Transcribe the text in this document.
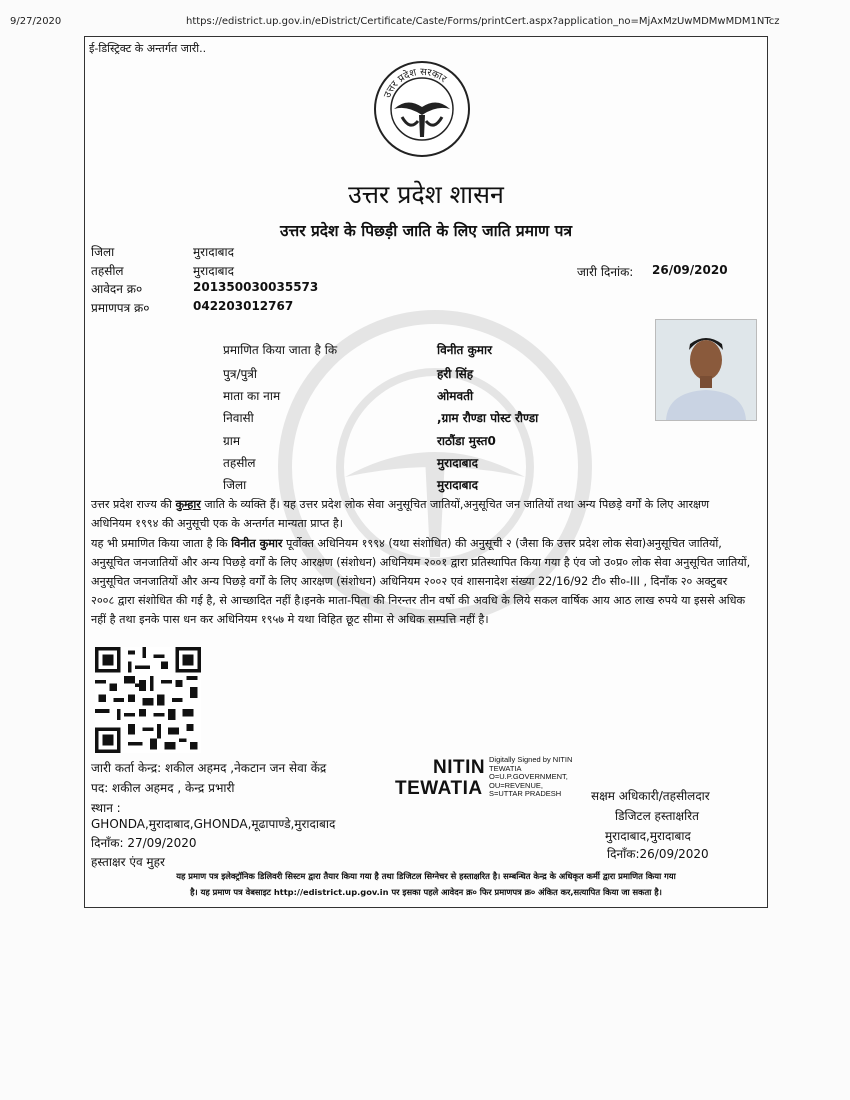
9/27/2020	https://edistrict.up.gov.in/eDistrict/Certificate/Caste/Forms/printCert.aspx?application_no=MjAxMzUwMDMwMDM1NTcz
ई-डिस्ट्रिक्ट के अन्तर्गत जारी..
उत्तर प्रदेश सरकार
उत्तर प्रदेश शासन
उत्तर प्रदेश के पिछड़ी जाति के लिए जाति प्रमाण पत्र
जिला	मुरादाबाद
तहसील	मुरादाबाद
आवेदन क्र०	201350030035573
प्रमाणपत्र क्र०	042203012767
जारी दिनांक: 26/09/2020
प्रमाणित किया जाता है कि	विनीत कुमार
पुत्र/पुत्री	हरी सिंह
माता का नाम	ओमवती
निवासी	,ग्राम रौण्डा पोस्ट रौण्डा
ग्राम	राठौंडा मुस्त0
तहसील	मुरादाबाद
जिला	मुरादाबाद
उत्तर प्रदेश राज्य की कुम्हार जाति के व्यक्ति हैं। यह उत्तर प्रदेश लोक सेवा अनुसूचित जातियों,अनुसूचित जन जातियों तथा अन्य पिछड़े वर्गों के लिए आरक्षण अधिनियम १९९४ की अनुसूची एक के अन्तर्गत मान्यता प्राप्त है।
यह भी प्रमाणित किया जाता है कि विनीत कुमार पूर्वोक्त अधिनियम १९९४ (यथा संशोधित) की अनुसूची २ (जैसा कि उत्तर प्रदेश लोक सेवा)अनुसूचित जातियों, अनुसूचित जनजातियों और अन्य पिछड़े वर्गों के लिए आरक्षण (संशोधन) अधिनियम २००१ द्वारा प्रतिस्थापित किया गया है एंव जो उ०प्र० लोक सेवा अनुसूचित जातियों, अनुसूचित जनजातियों और अन्य पिछड़े वर्गों के लिए आरक्षण (संशोधन) अधिनियम २००२ एवं शासनादेश संख्या 22/16/92 टी० सी०-III , दिनाँक २० अक्टुबर २००८ द्वारा संशोधित की गई है, से आच्छादित नहीं है।इनके माता-पिता की निरन्तर तीन वर्षो की अवधि के लिये सकल वार्षिक आय आठ लाख रुपये या इससे अधिक नहीं है तथा इनके पास धन कर अधिनियम १९५७ मे यथा विहित छूट सीमा से अधिक सम्पत्ति नहीं है।
जारी कर्ता केन्द्र: शकील अहमद ,नेकटान जन सेवा केंद्र
पद: शकील अहमद , केन्द्र प्रभारी
स्थान :
GHONDA,मुरादाबाद,GHONDA,मूढापाण्डे,मुरादाबाद
दिनाँक: 27/09/2020
हस्ताक्षर एंव मुहर
NITIN
TEWATIA
Digitally Signed by NITIN
TEWATIA
O=U.P.GOVERNMENT,
OU=REVENUE,
S=UTTAR PRADESH	सक्षम अधिकारी/तहसीलदार
डिजिटल हस्ताक्षरित
मुरादाबाद,मुरादाबाद
दिनाँक:26/09/2020
यह प्रमाण पत्र इलेक्ट्रॉनिक डिलिवरी सिस्टम द्वारा तैयार किया गया है तथा डिजिटल सिग्नेचर से हस्ताक्षरित है। सम्बन्धित केन्द्र के अधिकृत कर्मी द्वारा प्रमाणित किया गया
है। यह प्रमाण पत्र वेबसाइट http://edistrict.up.gov.in पर इसका पहले आवेदन क्र० फिर प्रमाणपत्र क्र० अंकित कर,सत्यापित किया जा सकता है।
